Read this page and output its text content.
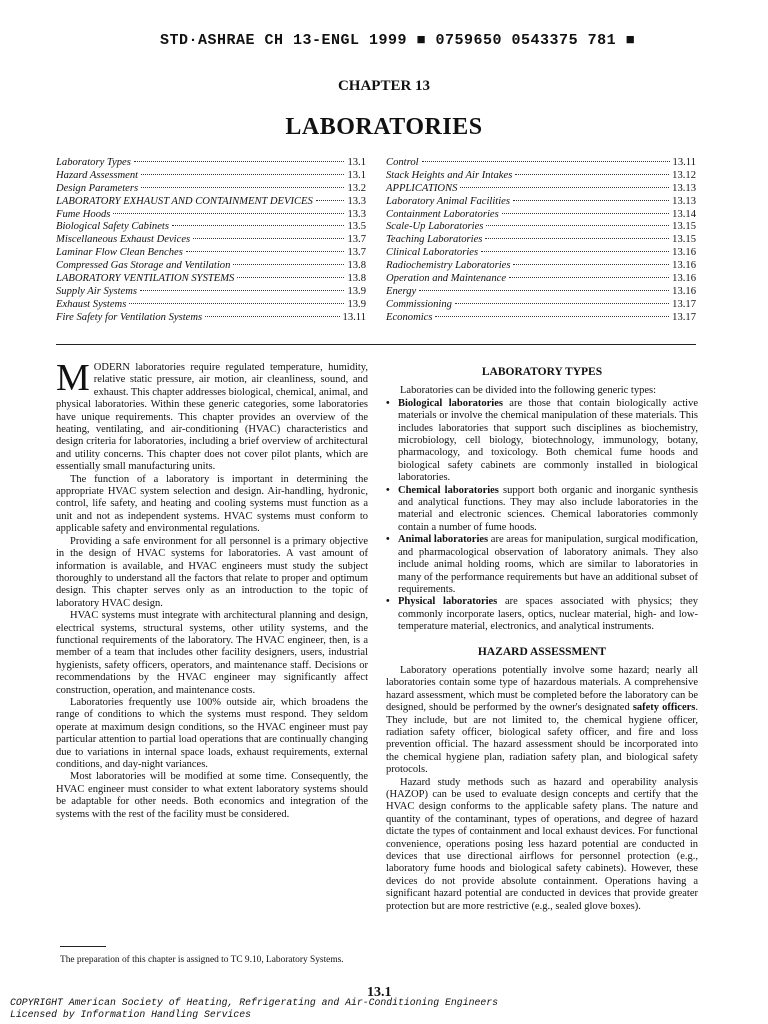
STD·ASHRAE CH 13-ENGL 1999 ■ 0759650 0543375 781 ■
CHAPTER 13
LABORATORIES
Laboratory Types	13.1
Hazard Assessment	13.1
Design Parameters	13.2
LABORATORY EXHAUST AND CONTAINMENT DEVICES	13.3
Fume Hoods	13.3
Biological Safety Cabinets	13.5
Miscellaneous Exhaust Devices	13.7
Laminar Flow Clean Benches	13.7
Compressed Gas Storage and Ventilation	13.8
LABORATORY VENTILATION SYSTEMS	13.8
Supply Air Systems	13.9
Exhaust Systems	13.9
Fire Safety for Ventilation Systems	13.11
Control	13.11
Stack Heights and Air Intakes	13.12
APPLICATIONS	13.13
Laboratory Animal Facilities	13.13
Containment Laboratories	13.14
Scale-Up Laboratories	13.15
Teaching Laboratories	13.15
Clinical Laboratories	13.16
Radiochemistry Laboratories	13.16
Operation and Maintenance	13.16
Energy	13.16
Commissioning	13.17
Economics	13.17

MODERN laboratories require regulated temperature, humidity, relative static pressure, air motion, air cleanliness, sound, and exhaust. This chapter addresses biological, chemical, animal, and physical laboratories. Within these generic categories, some laboratories have unique requirements. This chapter provides an overview of the heating, ventilating, and air-conditioning (HVAC) characteristics and design criteria for laboratories, including a brief overview of architectural and utility concerns. This chapter does not cover pilot plants, which are essentially small manufacturing units.

The function of a laboratory is important in determining the appropriate HVAC system selection and design. Air-handling, hydronic, control, life safety, and heating and cooling systems must function as a unit and not as independent systems. HVAC systems must conform to applicable safety and environmental regulations.

Providing a safe environment for all personnel is a primary objective in the design of HVAC systems for laboratories. A vast amount of information is available, and HVAC engineers must study the subject thoroughly to understand all the factors that relate to proper and optimum design. This chapter serves only as an introduction to the topic of laboratory HVAC design.

HVAC systems must integrate with architectural planning and design, electrical systems, structural systems, other utility systems, and the functional requirements of the laboratory. The HVAC engineer, then, is a member of a team that includes other facility designers, users, industrial hygienists, safety officers, operators, and maintenance staff. Decisions or recommendations by the HVAC engineer may significantly affect construction, operation, and maintenance costs.

Laboratories frequently use 100% outside air, which broadens the range of conditions to which the systems must respond. They seldom operate at maximum design conditions, so the HVAC engineer must pay particular attention to partial load operations that are continually changing due to variations in internal space loads, exhaust requirements, external conditions, and day-night variances.

Most laboratories will be modified at some time. Consequently, the HVAC engineer must consider to what extent laboratory systems should be adaptable for other needs. Both economics and integration of the systems with the rest of the facility must be considered.

The preparation of this chapter is assigned to TC 9.10, Laboratory Systems.
LABORATORY TYPES

Laboratories can be divided into the following generic types:

• Biological laboratories are those that contain biologically active materials or involve the chemical manipulation of these materials. This includes laboratories that support such disciplines as biochemistry, microbiology, cell biology, biotechnology, immunology, botany, pharmacology, and toxicology. Both chemical fume hoods and biological safety cabinets are commonly installed in biological laboratories.
• Chemical laboratories support both organic and inorganic synthesis and analytical functions. They may also include laboratories in the material and electronic sciences. Chemical laboratories commonly contain a number of fume hoods.
• Animal laboratories are areas for manipulation, surgical modification, and pharmacological observation of laboratory animals. They also include animal holding rooms, which are similar to laboratories in many of the performance requirements but have an additional subset of requirements.
• Physical laboratories are spaces associated with physics; they commonly incorporate lasers, optics, nuclear material, high- and low-temperature material, electronics, and analytical instruments.
HAZARD ASSESSMENT

Laboratory operations potentially involve some hazard; nearly all laboratories contain some type of hazardous materials. A comprehensive hazard assessment, which must be completed before the laboratory can be designed, should be performed by the owner's designated safety officers. They include, but are not limited to, the chemical hygiene officer, radiation safety officer, biological safety officer, and fire and loss prevention official. The hazard assessment should be incorporated into the chemical hygiene plan, radiation safety plan, and biological safety protocols.

Hazard study methods such as hazard and operability analysis (HAZOP) can be used to evaluate design concepts and certify that the HVAC design conforms to the applicable safety plans. The nature and quantity of the contaminant, types of operations, and degree of hazard dictate the types of containment and local exhaust devices. For functional convenience, operations posing less hazard potential are conducted in devices that use directional airflows for personnel protection (e.g., laboratory fume hoods and biological safety cabinets). However, these devices do not provide absolute containment. Operations having a significant hazard potential are conducted in devices that provide greater protection but are more restrictive (e.g., sealed glove boxes).

13.1
COPYRIGHT American Society of Heating, Refrigerating and Air-Conditioning Engineers
Licensed by Information Handling Services
